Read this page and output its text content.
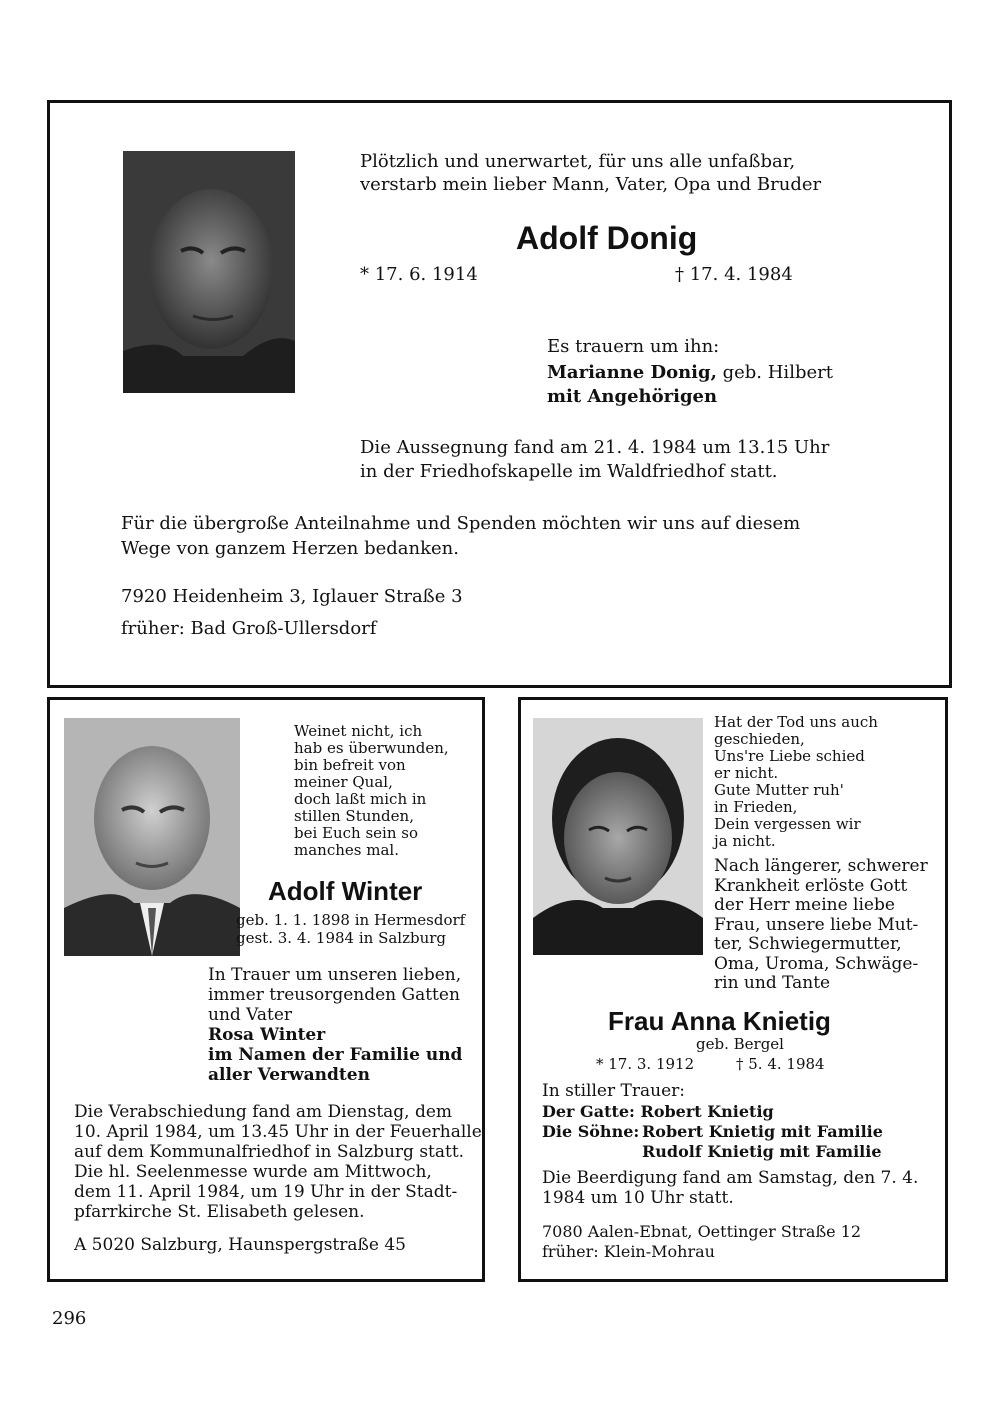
Plötzlich und unerwartet, für uns alle unfaßbar,
verstarb mein lieber Mann, Vater, Opa und Bruder
Adolf Donig
* 17. 6. 1914	† 17. 4. 1984
Es trauern um ihn:
Marianne Donig, geb. Hilbert
mit Angehörigen
Die Aussegnung fand am 21. 4. 1984 um 13.15 Uhr
in der Friedhofskapelle im Waldfriedhof statt.
Für die übergroße Anteilnahme und Spenden möchten wir uns auf diesem
Wege von ganzem Herzen bedanken.
7920 Heidenheim 3, Iglauer Straße 3
früher: Bad Groß-Ullersdorf
Weinet nicht, ich
hab es überwunden,
bin befreit von
meiner Qual,
doch laßt mich in
stillen Stunden,
bei Euch sein so
manches mal.
Adolf Winter
geb. 1. 1. 1898 in Hermesdorf
gest. 3. 4. 1984 in Salzburg
In Trauer um unseren lieben,
immer treusorgenden Gatten
und Vater
Rosa Winter
im Namen der Familie und
aller Verwandten
Die Verabschiedung fand am Dienstag, dem
10. April 1984, um 13.45 Uhr in der Feuerhalle
auf dem Kommunalfriedhof in Salzburg statt.
Die hl. Seelenmesse wurde am Mittwoch,
dem 11. April 1984, um 19 Uhr in der Stadt-
pfarrkirche St. Elisabeth gelesen.
A 5020 Salzburg, Haunspergstraße 45
Hat der Tod uns auch
geschieden,
Uns're Liebe schied
er nicht.
Gute Mutter ruh'
in Frieden,
Dein vergessen wir
ja nicht.
Nach längerer, schwerer
Krankheit erlöste Gott
der Herr meine liebe
Frau, unsere liebe Mut-
ter, Schwiegermutter,
Oma, Uroma, Schwäge-
rin und Tante
Frau Anna Knietig
geb. Bergel
* 17. 3. 1912	† 5. 4. 1984
In stiller Trauer:
Der Gatte: Robert Knietig
Die Söhne: Robert Knietig mit Familie
Rudolf Knietig mit Familie
Die Beerdigung fand am Samstag, den 7. 4.
1984 um 10 Uhr statt.
7080 Aalen-Ebnat, Oettinger Straße 12
früher: Klein-Mohrau
296
